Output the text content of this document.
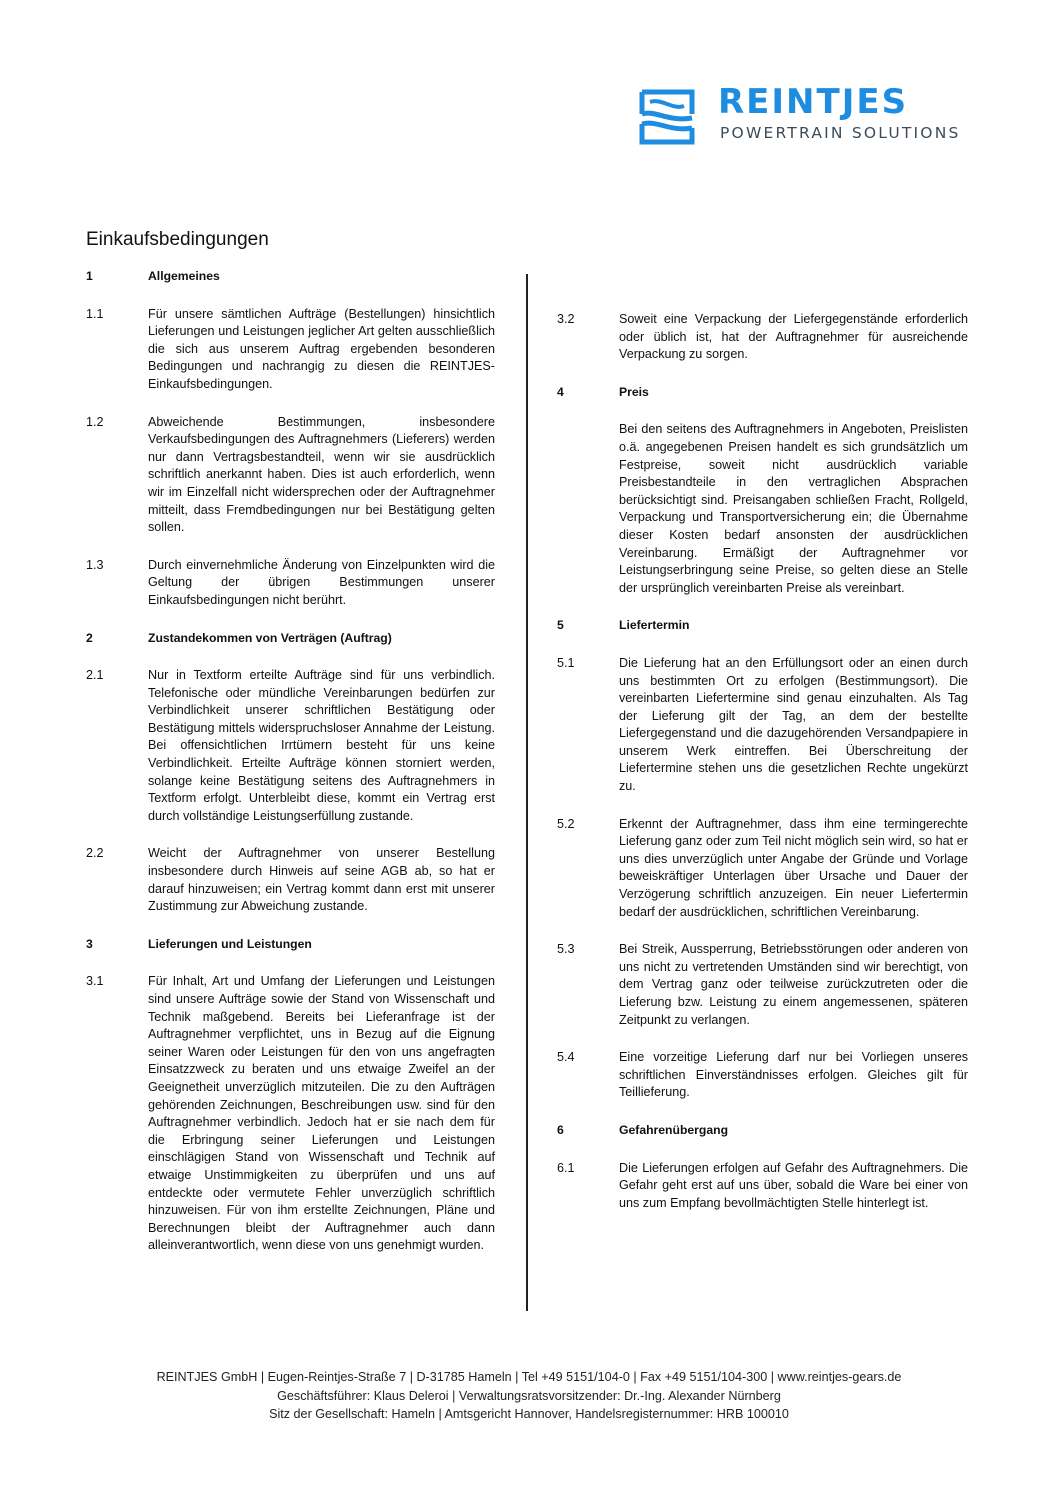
REINTJES
POWERTRAIN SOLUTIONS
Einkaufsbedingungen
1	Allgemeines
1.1	Für unsere sämtlichen Aufträge (Bestellungen) hinsichtlich Lieferungen und Leistungen jeglicher Art gelten ausschließlich die sich aus unserem Auftrag ergebenden besonderen Bedingungen und nachrangig zu diesen die REINTJES-Einkaufsbedingungen.
1.2	Abweichende Bestimmungen, insbesondere Verkaufsbedingungen des Auftragnehmers (Lieferers) werden nur dann Vertragsbestandteil, wenn wir sie ausdrücklich schriftlich anerkannt haben. Dies ist auch erforderlich, wenn wir im Einzelfall nicht widersprechen oder der Auftragnehmer mitteilt, dass Fremdbedingungen nur bei Bestätigung gelten sollen.
1.3	Durch einvernehmliche Änderung von Einzelpunkten wird die Geltung der übrigen Bestimmungen unserer Einkaufsbedingungen nicht berührt.
2	Zustandekommen von Verträgen (Auftrag)
2.1	Nur in Textform erteilte Aufträge sind für uns verbindlich. Telefonische oder mündliche Vereinbarungen bedürfen zur Verbindlichkeit unserer schriftlichen Bestätigung oder Bestätigung mittels widerspruchsloser Annahme der Leistung. Bei offensichtlichen Irrtümern besteht für uns keine Verbindlichkeit. Erteilte Aufträge können storniert werden, solange keine Bestätigung seitens des Auftragnehmers in Textform erfolgt. Unterbleibt diese, kommt ein Vertrag erst durch vollständige Leistungserfüllung zustande.
2.2	Weicht der Auftragnehmer von unserer Bestellung insbesondere durch Hinweis auf seine AGB ab, so hat er darauf hinzuweisen; ein Vertrag kommt dann erst mit unserer Zustimmung zur Abweichung zustande.
3	Lieferungen und Leistungen
3.1	Für Inhalt, Art und Umfang der Lieferungen und Leistungen sind unsere Aufträge sowie der Stand von Wissenschaft und Technik maßgebend. Bereits bei Lieferanfrage ist der Auftragnehmer verpflichtet, uns in Bezug auf die Eignung seiner Waren oder Leistungen für den von uns angefragten Einsatzzweck zu beraten und uns etwaige Zweifel an der Geeignetheit unverzüglich mitzuteilen. Die zu den Aufträgen gehörenden Zeichnungen, Beschreibungen usw. sind für den Auftragnehmer verbindlich. Jedoch hat er sie nach dem für die Erbringung seiner Lieferungen und Leistungen einschlägigen Stand von Wissenschaft und Technik auf etwaige Unstimmigkeiten zu überprüfen und uns auf entdeckte oder vermutete Fehler unverzüglich schriftlich hinzuweisen. Für von ihm erstellte Zeichnungen, Pläne und Berechnungen bleibt der Auftragnehmer auch dann alleinverantwortlich, wenn diese von uns genehmigt wurden.
3.2	Soweit eine Verpackung der Liefergegenstände erforderlich oder üblich ist, hat der Auftragnehmer für ausreichende Verpackung zu sorgen.
4	Preis
Bei den seitens des Auftragnehmers in Angeboten, Preislisten o.ä. angegebenen Preisen handelt es sich grundsätzlich um Festpreise, soweit nicht ausdrücklich variable Preisbestandteile in den vertraglichen Absprachen berücksichtigt sind. Preisangaben schließen Fracht, Rollgeld, Verpackung und Transportversicherung ein; die Übernahme dieser Kosten bedarf ansonsten der ausdrücklichen Vereinbarung. Ermäßigt der Auftragnehmer vor Leistungserbringung seine Preise, so gelten diese an Stelle der ursprünglich vereinbarten Preise als vereinbart.
5	Liefertermin
5.1	Die Lieferung hat an den Erfüllungsort oder an einen durch uns bestimmten Ort zu erfolgen (Bestimmungsort). Die vereinbarten Liefertermine sind genau einzuhalten. Als Tag der Lieferung gilt der Tag, an dem der bestellte Liefergegenstand und die dazugehörenden Versandpapiere in unserem Werk eintreffen. Bei Überschreitung der Liefertermine stehen uns die gesetzlichen Rechte ungekürzt zu.
5.2	Erkennt der Auftragnehmer, dass ihm eine termingerechte Lieferung ganz oder zum Teil nicht möglich sein wird, so hat er uns dies unverzüglich unter Angabe der Gründe und Vorlage beweiskräftiger Unterlagen über Ursache und Dauer der Verzögerung schriftlich anzuzeigen. Ein neuer Liefertermin bedarf der ausdrücklichen, schriftlichen Vereinbarung.
5.3	Bei Streik, Aussperrung, Betriebsstörungen oder anderen von uns nicht zu vertretenden Umständen sind wir berechtigt, von dem Vertrag ganz oder teilweise zurückzutreten oder die Lieferung bzw. Leistung zu einem angemessenen, späteren Zeitpunkt zu verlangen.
5.4	Eine vorzeitige Lieferung darf nur bei Vorliegen unseres schriftlichen Einverständnisses erfolgen. Gleiches gilt für Teillieferung.
6	Gefahrenübergang
6.1	Die Lieferungen erfolgen auf Gefahr des Auftragnehmers. Die Gefahr geht erst auf uns über, sobald die Ware bei einer von uns zum Empfang bevollmächtigten Stelle hinterlegt ist.
REINTJES GmbH | Eugen-Reintjes-Straße 7 | D-31785 Hameln | Tel +49 5151/104-0 | Fax +49 5151/104-300 | www.reintjes-gears.de
Geschäftsführer: Klaus Deleroi | Verwaltungsratsvorsitzender: Dr.-Ing. Alexander Nürnberg
Sitz der Gesellschaft: Hameln | Amtsgericht Hannover, Handelsregisternummer: HRB 100010
